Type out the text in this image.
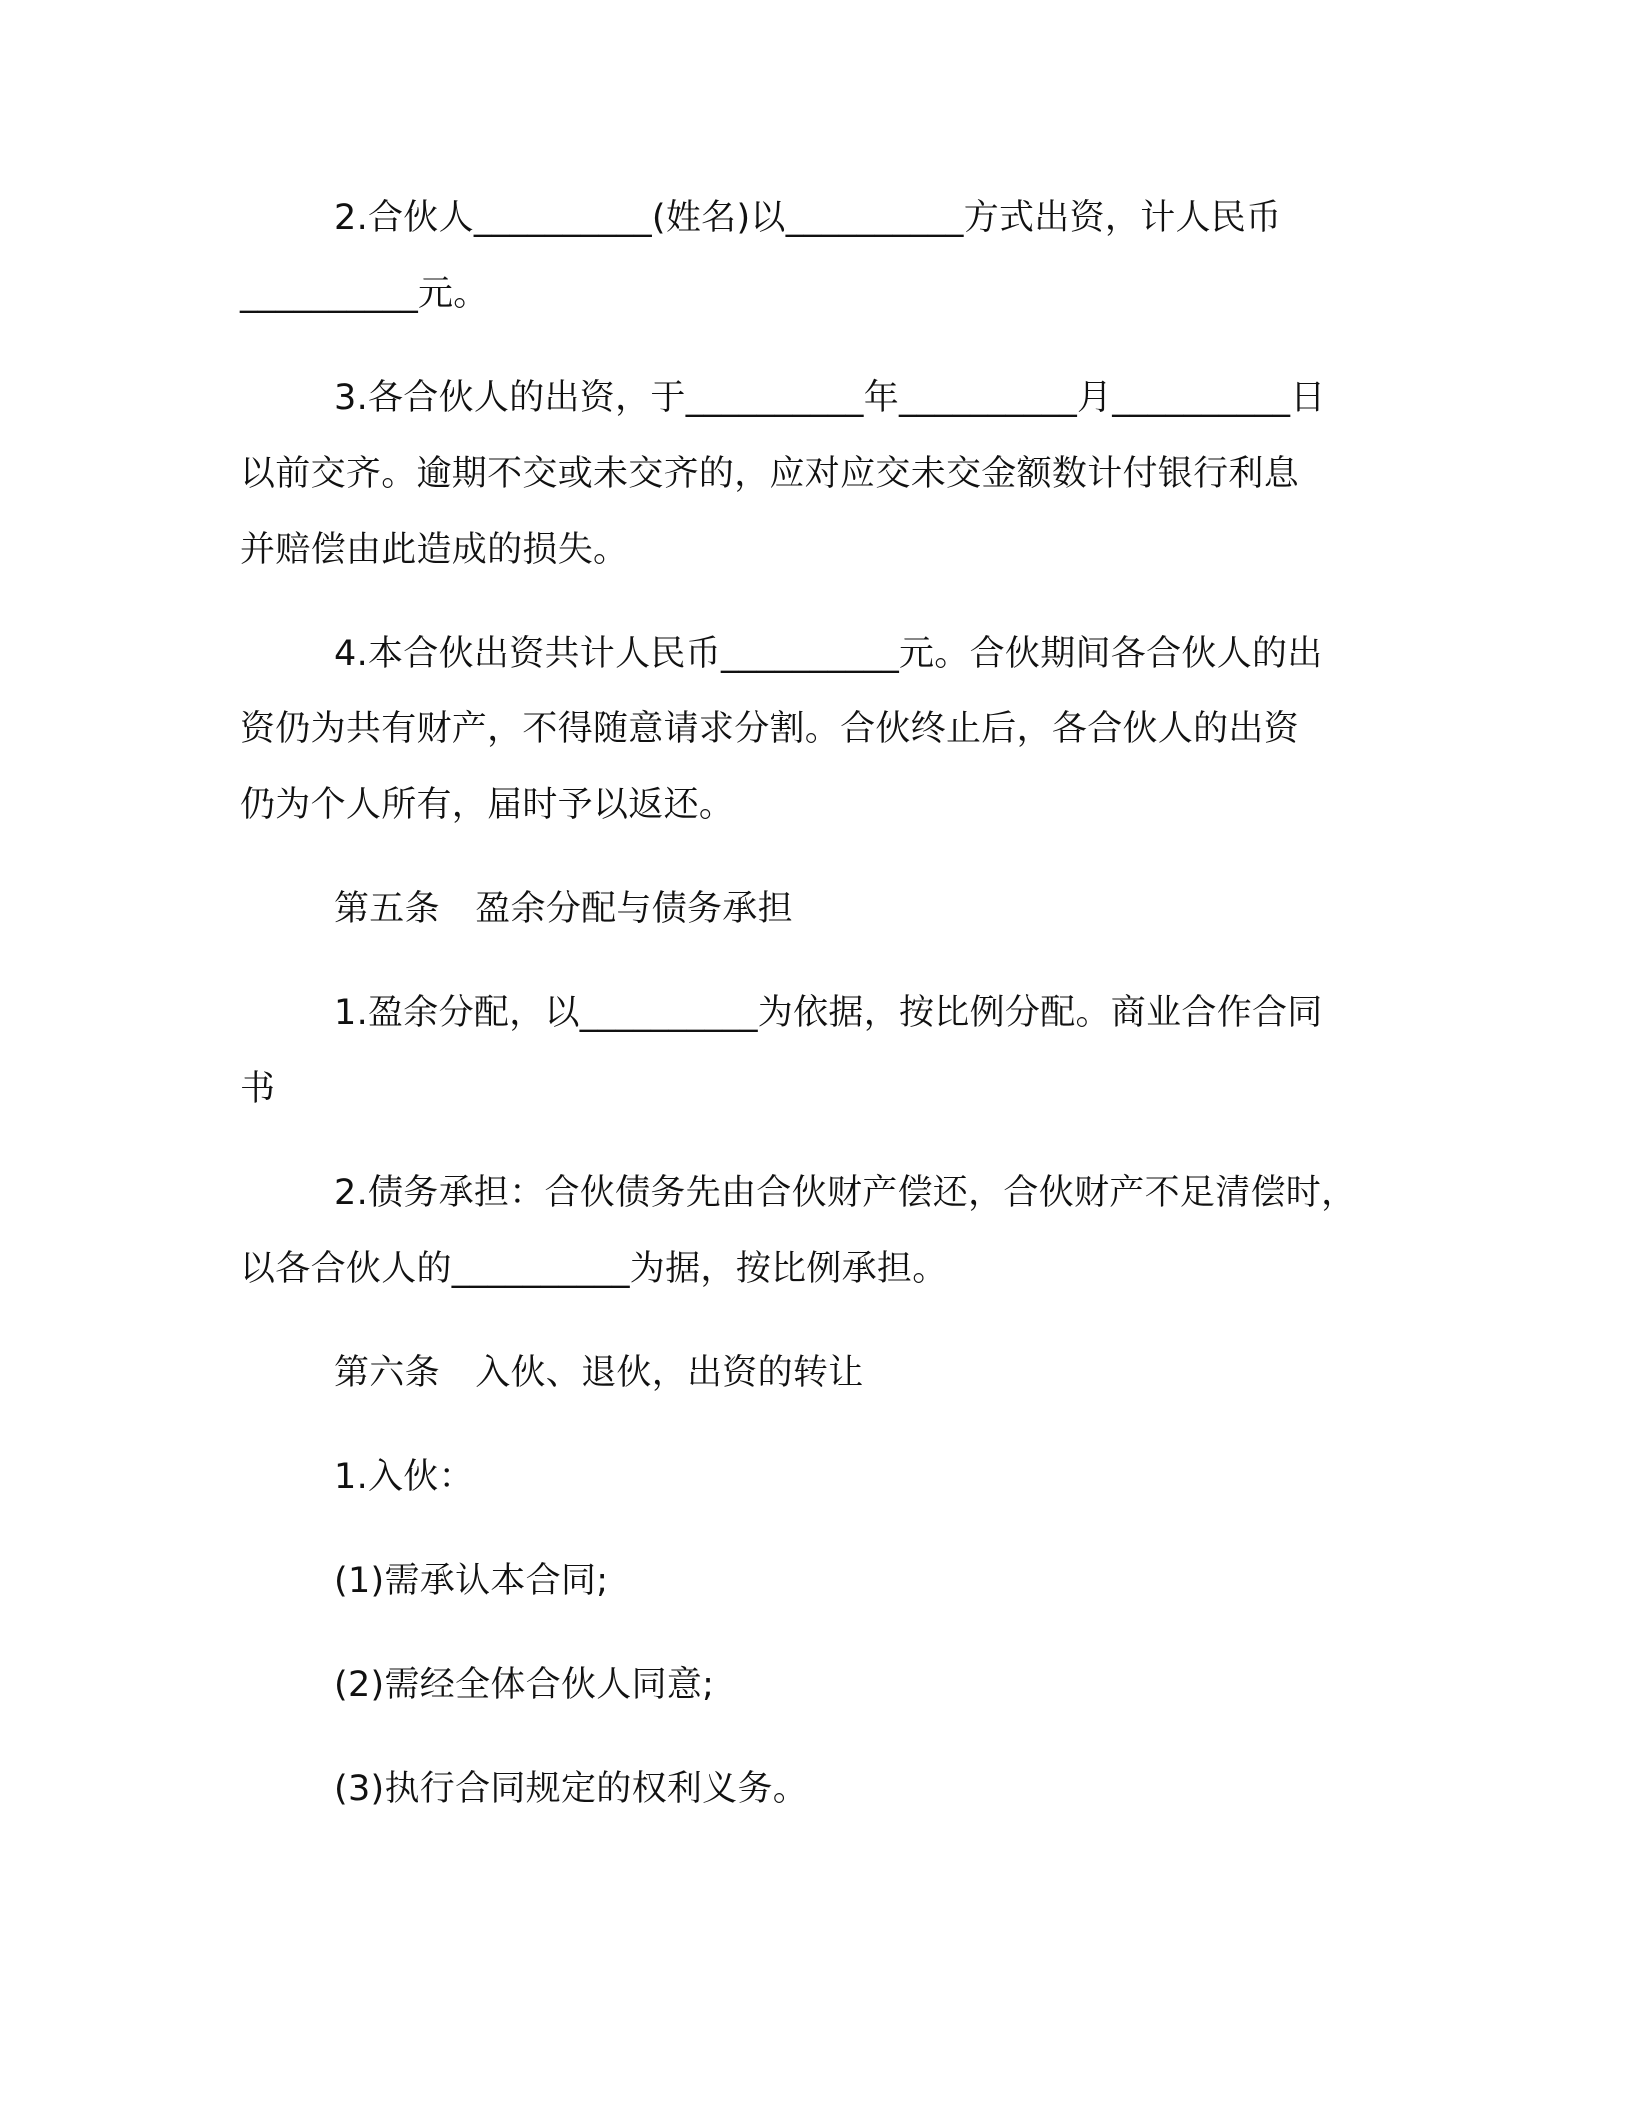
2.合伙人__________(姓名)以__________方式出资，计人民币
__________元。
3.各合伙人的出资，于__________年__________月__________日
以前交齐。逾期不交或未交齐的，应对应交未交金额数计付银行利息
并赔偿由此造成的损失。
4.本合伙出资共计人民币__________元。合伙期间各合伙人的出
资仍为共有财产，不得随意请求分割。合伙终止后，各合伙人的出资
仍为个人所有，届时予以返还。
第五条　盈余分配与债务承担
1.盈余分配，以__________为依据，按比例分配。商业合作合同
书
2.债务承担：合伙债务先由合伙财产偿还，合伙财产不足清偿时，
以各合伙人的__________为据，按比例承担。
第六条　入伙、退伙，出资的转让
1.入伙：
(1)需承认本合同;
(2)需经全体合伙人同意;
(3)执行合同规定的权利义务。
